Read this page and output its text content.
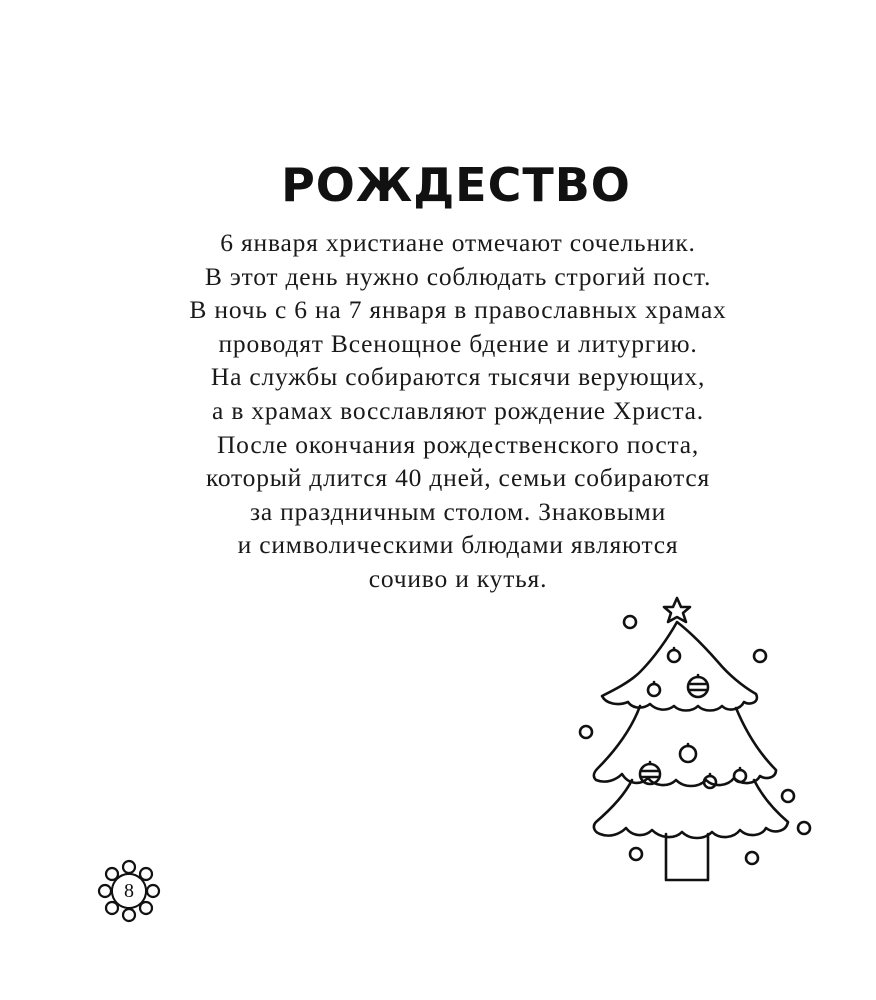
РОЖДЕСТВО
6 января христиане отмечают сочельник.
В этот день нужно соблюдать строгий пост.
В ночь с 6 на 7 января в православных храмах
проводят Всенощное бдение и литургию.
На службы собираются тысячи верующих,
а в храмах восславляют рождение Христа.
После окончания рождественского поста,
который длится 40 дней, семьи собираются
за праздничным столом. Знаковыми
и символическими блюдами являются
сочиво и кутья.
8
